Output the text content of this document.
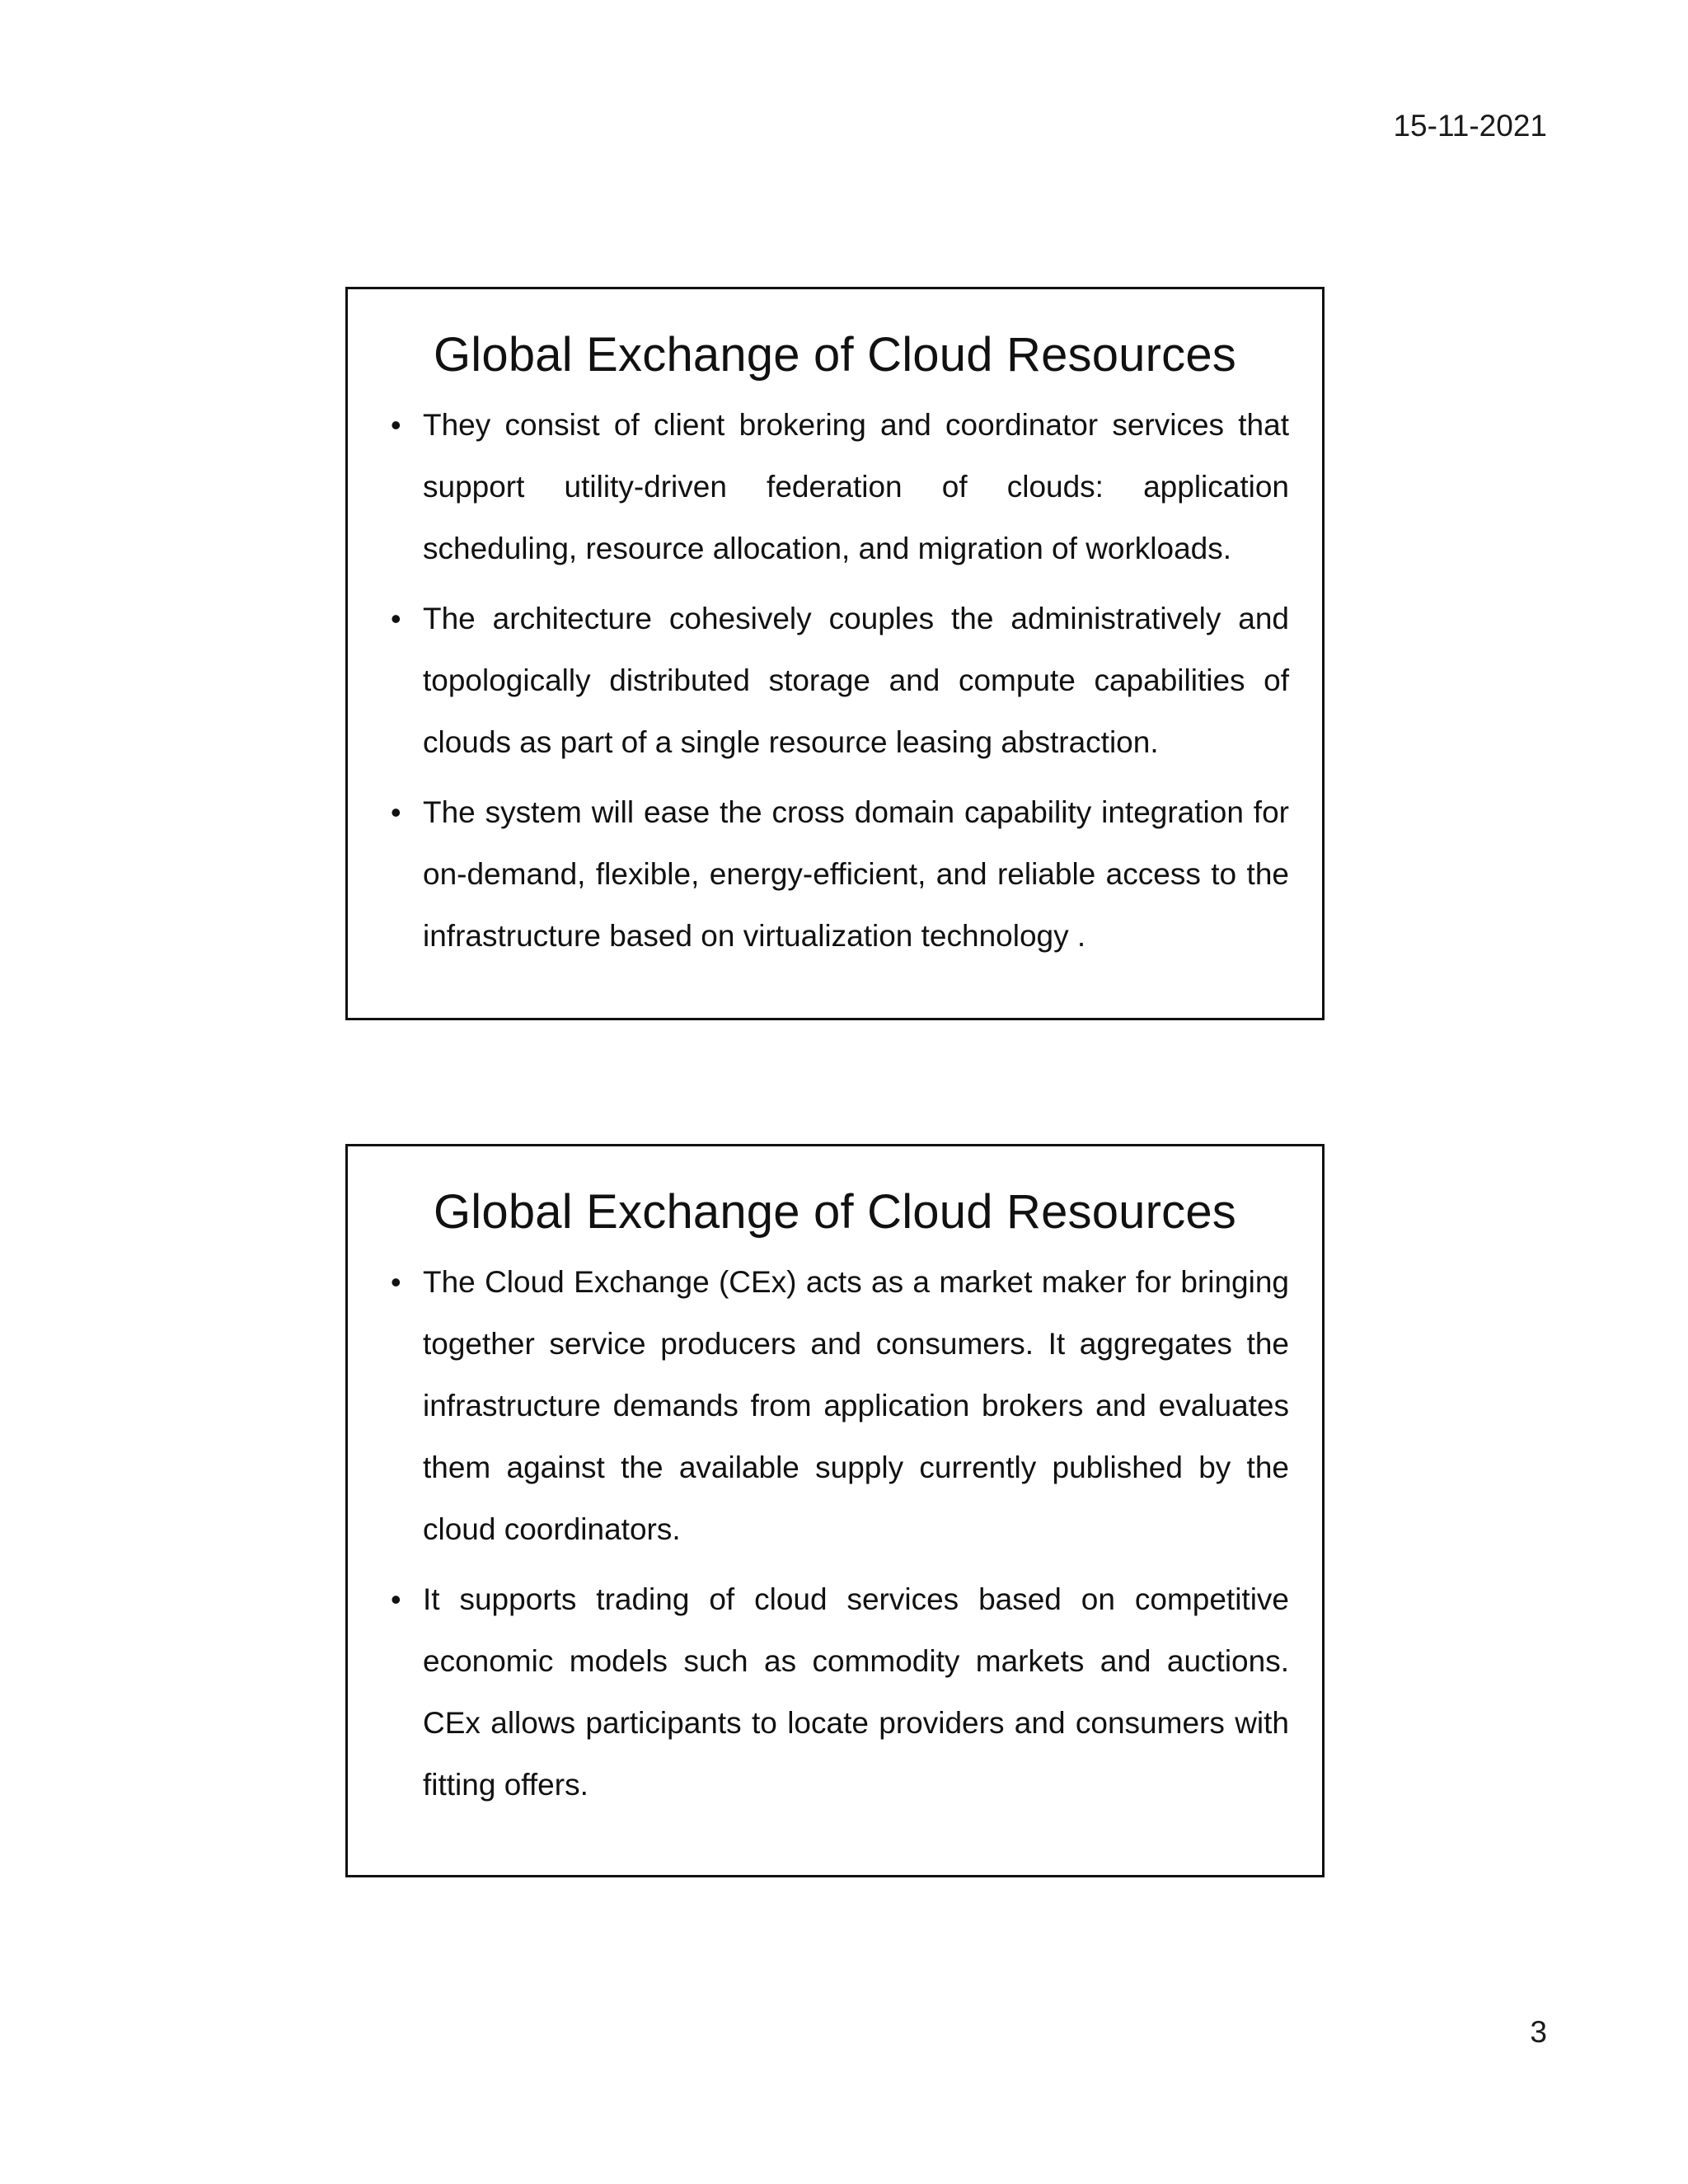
15-11-2021
Global Exchange of Cloud Resources
• They consist of client brokering and coordinator services that support utility-driven federation of clouds: application scheduling, resource allocation, and migration of workloads.
• The architecture cohesively couples the administratively and topologically distributed storage and compute capabilities of clouds as part of a single resource leasing abstraction.
• The system will ease the cross domain capability integration for on-demand, flexible, energy-efficient, and reliable access to the infrastructure based on virtualization technology .
Global Exchange of Cloud Resources
• The Cloud Exchange (CEx) acts as a market maker for bringing together service producers and consumers. It aggregates the infrastructure demands from application brokers and evaluates them against the available supply currently published by the cloud coordinators.
• It supports trading of cloud services based on competitive economic models such as commodity markets and auctions. CEx allows participants to locate providers and consumers with fitting offers.
3
